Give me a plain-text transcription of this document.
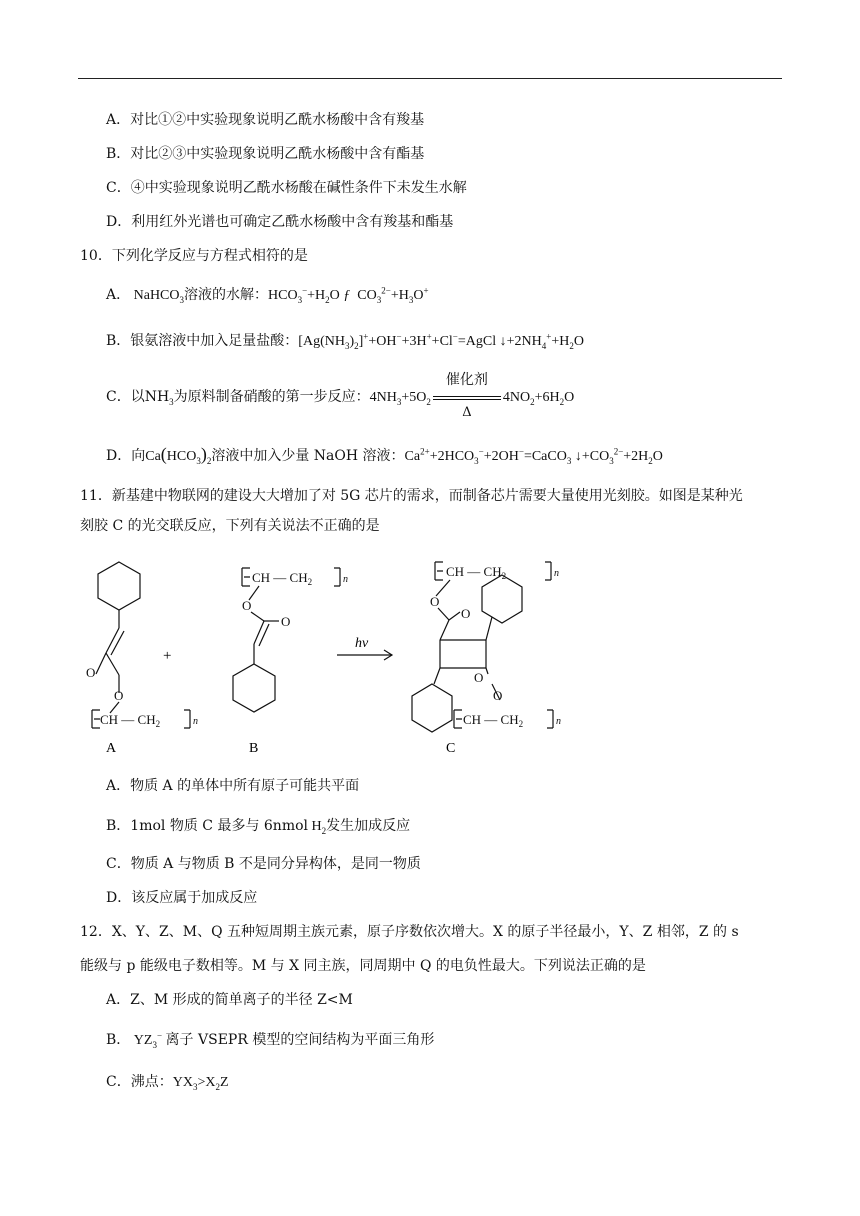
A．对比①②中实验现象说明乙酰水杨酸中含有羧基
B．对比②③中实验现象说明乙酰水杨酸中含有酯基
C．④中实验现象说明乙酰水杨酸在碱性条件下未发生水解
D．利用红外光谱也可确定乙酰水杨酸中含有羧基和酯基
10．下列化学反应与方程式相符的是
A． NaHCO$_3$溶液的水解：$HCO_3^-+H_2O$ ƒ  $CO_3^{2-}+H_3O^+$
B．银氨溶液中加入足量盐酸：$[Ag(NH_3)_2]^++OH^-+3H^++Cl^-=AgCl$ $↓+2NH_4^++H_2O$
C．以$NH_3$为原料制备硝酸的第一步反应：$4NH_3+5O_2$
催化剂
Δ
$4NO_2+6H_2O$
D．向$Ca(HCO_3)_2$溶液中加入少量 NaOH 溶液：$Ca^{2+}+2HCO_3^-+2OH^-=CaCO_3$ $↓+CO_3^{2-}+2H_2O$
11．新基建中物联网的建设大大增加了对 5G 芯片的需求，而制备芯片需要大量使用光刻胶。如图是某种光
刻胶 C 的光交联反应，下列有关说法不正确的是
O
O
CH — $CH_2$	n
CH — $CH_2$	n
O
O
CH — $CH_2$	n
O
O
O
O
CH — $CH_2$	n
+
hν
A	B	C
A．物质 A 的单体中所有原子可能共平面
B．1mol 物质 C 最多与 6nmol $H_2$发生加成反应
C．物质 A 与物质 B 不是同分异构体，是同一物质
D．该反应属于加成反应
12．X、Y、Z、M、Q 五种短周期主族元素，原子序数依次增大。X 的原子半径最小，Y、Z 相邻，Z 的 s
能级与 p 能级电子数相等。M 与 X 同主族，同周期中 Q 的电负性最大。下列说法正确的是
A．Z、M 形成的简单离子的半径 Z<M
B． $YZ_3^-$ 离子 VSEPR 模型的空间结构为平面三角形
C．沸点：$YX_3>X_2Z$
